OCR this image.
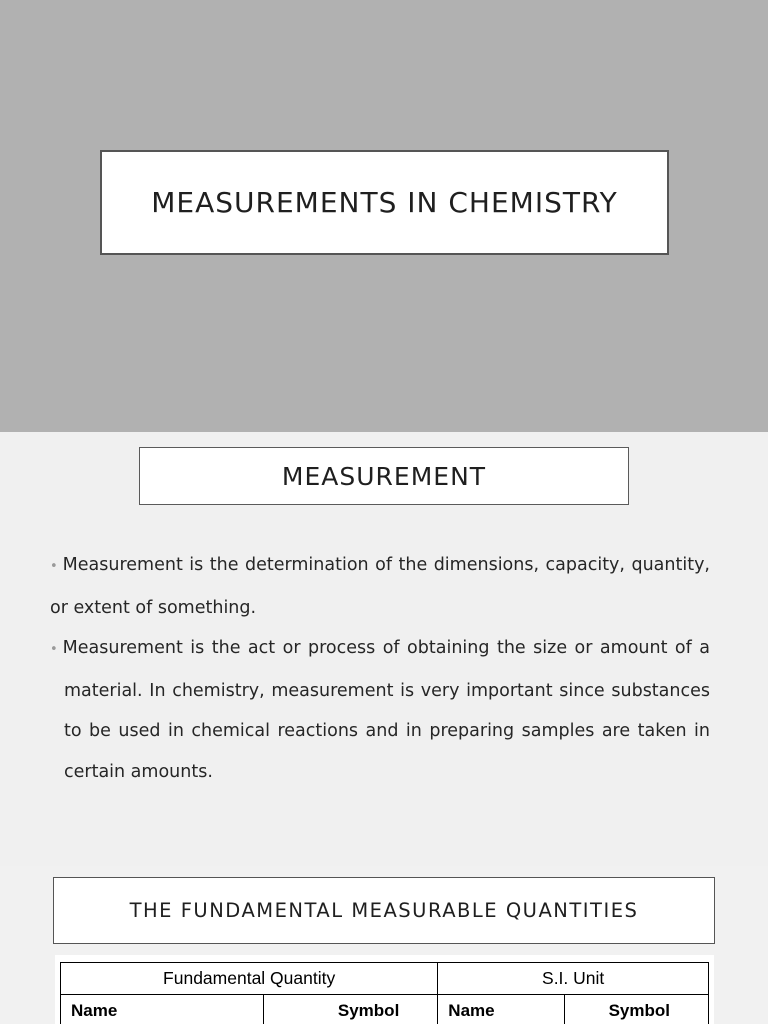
MEASUREMENTS IN CHEMISTRY
MEASUREMENT
• Measurement is the determination of the dimensions, capacity, quantity, or extent of something.
• Measurement is the act or process of obtaining the size or amount of a material. In chemistry, measurement is very important since substances to be used in chemical reactions and in preparing samples are taken in certain amounts.
THE FUNDAMENTAL MEASURABLE QUANTITIES
Fundamental Quantity		S.I. Unit	
Name	Symbol	Name	Symbol
